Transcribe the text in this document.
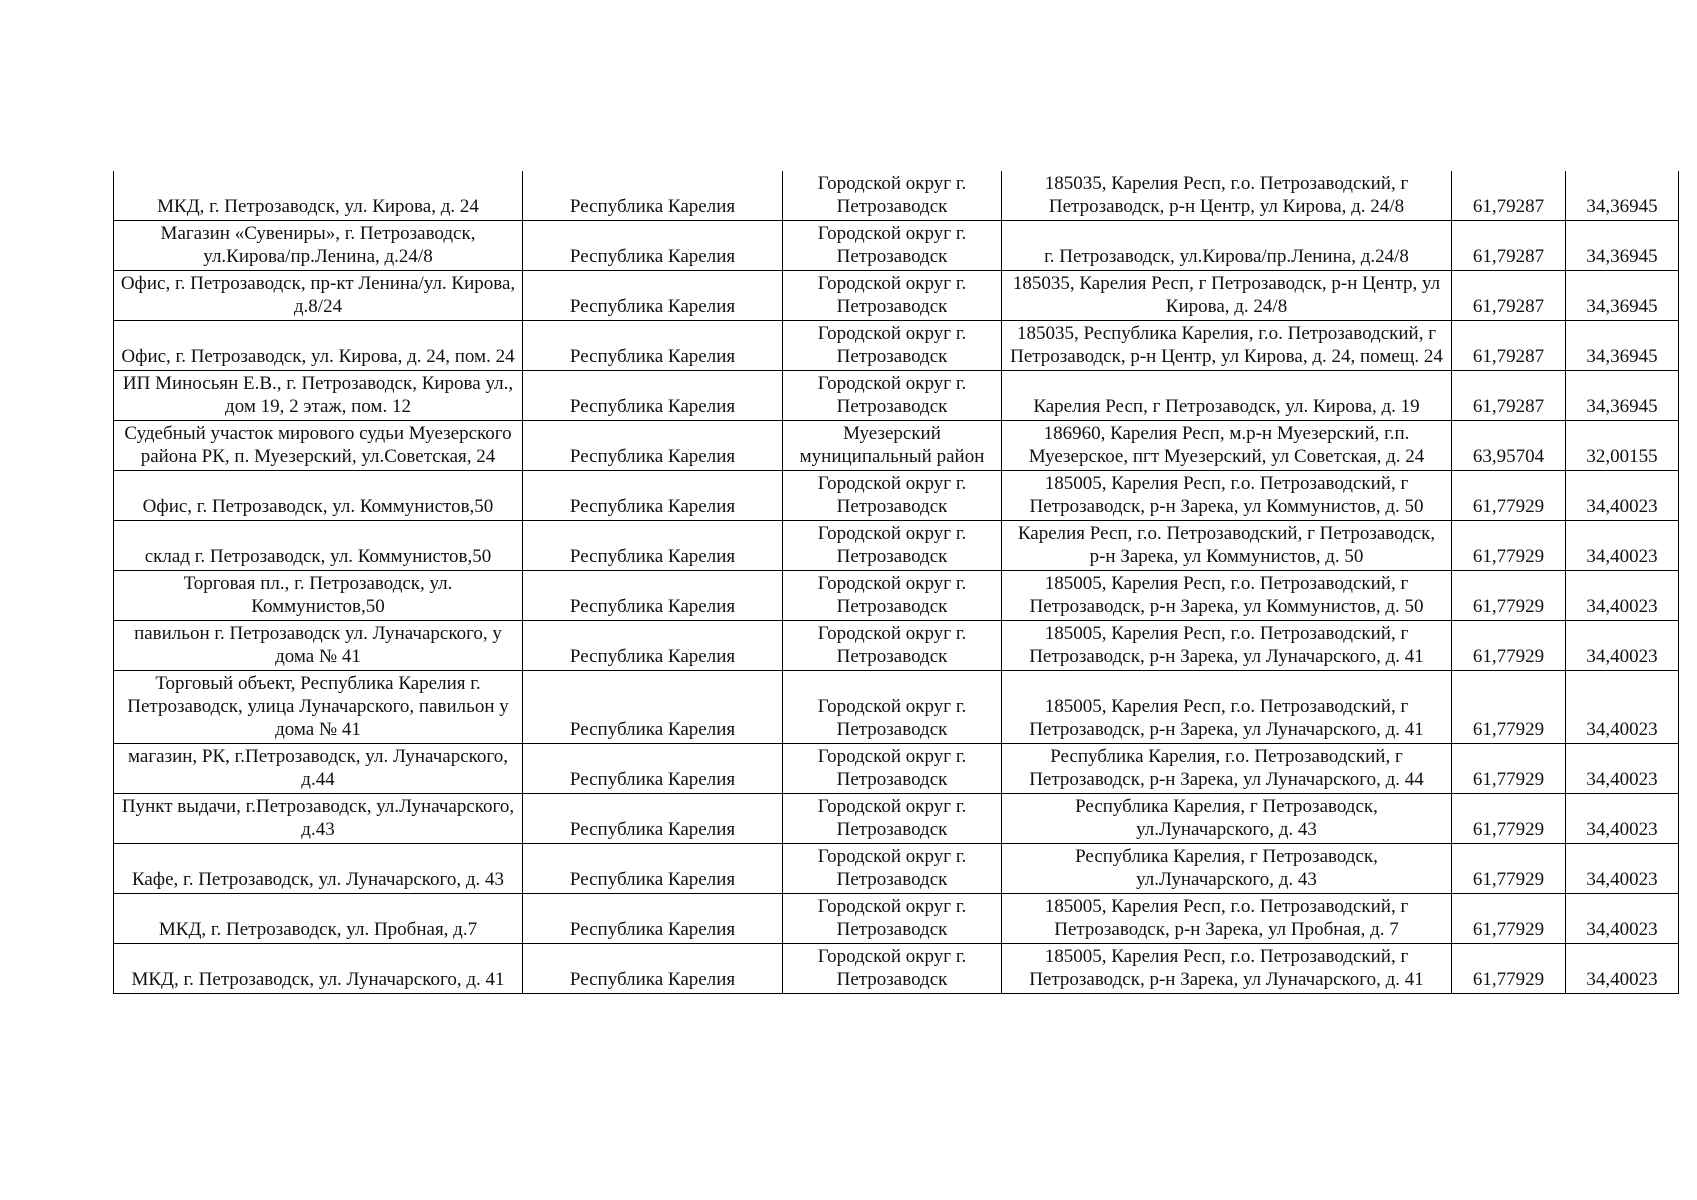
МКД, г. Петрозаводск, ул. Кирова, д. 24	Республика Карелия	Городской округ г. Петрозаводск	185035, Карелия Респ, г.о. Петрозаводский, г Петрозаводск, р-н Центр, ул Кирова, д. 24/8	61,79287	34,36945
Магазин «Сувениры», г. Петрозаводск, ул.Кирова/пр.Ленина, д.24/8	Республика Карелия	Городской округ г. Петрозаводск	г. Петрозаводск, ул.Кирова/пр.Ленина, д.24/8	61,79287	34,36945
Офис, г. Петрозаводск, пр-кт Ленина/ул. Кирова, д.8/24	Республика Карелия	Городской округ г. Петрозаводск	185035, Карелия Респ, г Петрозаводск, р-н Центр, ул Кирова, д. 24/8	61,79287	34,36945
Офис, г. Петрозаводск, ул. Кирова, д. 24, пом. 24	Республика Карелия	Городской округ г. Петрозаводск	185035, Республика Карелия, г.о. Петрозаводский, г Петрозаводск, р-н Центр, ул Кирова, д. 24, помещ. 24	61,79287	34,36945
ИП Миносьян Е.В., г. Петрозаводск, Кирова ул., дом 19, 2 этаж, пом. 12	Республика Карелия	Городской округ г. Петрозаводск	Карелия Респ, г Петрозаводск, ул. Кирова, д. 19	61,79287	34,36945
Судебный участок мирового судьи Муезерского района РК, п. Муезерский, ул.Советская, 24	Республика Карелия	Муезерский муниципальный район	186960, Карелия Респ, м.р-н Муезерский, г.п. Муезерское, пгт Муезерский, ул Советская, д. 24	63,95704	32,00155
Офис, г. Петрозаводск, ул. Коммунистов,50	Республика Карелия	Городской округ г. Петрозаводск	185005, Карелия Респ, г.о. Петрозаводский, г Петрозаводск, р-н Зарека, ул Коммунистов, д. 50	61,77929	34,40023
склад г. Петрозаводск, ул. Коммунистов,50	Республика Карелия	Городской округ г. Петрозаводск	Карелия Респ, г.о. Петрозаводский, г Петрозаводск, р-н Зарека, ул Коммунистов, д. 50	61,77929	34,40023
Торговая пл., г. Петрозаводск, ул. Коммунистов,50	Республика Карелия	Городской округ г. Петрозаводск	185005, Карелия Респ, г.о. Петрозаводский, г Петрозаводск, р-н Зарека, ул Коммунистов, д. 50	61,77929	34,40023
павильон г. Петрозаводск ул. Луначарского, у дома № 41	Республика Карелия	Городской округ г. Петрозаводск	185005, Карелия Респ, г.о. Петрозаводский, г Петрозаводск, р-н Зарека, ул Луначарского, д. 41	61,77929	34,40023
Торговый объект, Республика Карелия г. Петрозаводск, улица Луначарского, павильон у дома № 41	Республика Карелия	Городской округ г. Петрозаводск	185005, Карелия Респ, г.о. Петрозаводский, г Петрозаводск, р-н Зарека, ул Луначарского, д. 41	61,77929	34,40023
магазин, РК, г.Петрозаводск, ул. Луначарского, д.44	Республика Карелия	Городской округ г. Петрозаводск	Республика Карелия, г.о. Петрозаводский, г Петрозаводск, р-н Зарека, ул Луначарского, д. 44	61,77929	34,40023
Пункт выдачи, г.Петрозаводск, ул.Луначарского, д.43	Республика Карелия	Городской округ г. Петрозаводск	Республика Карелия, г Петрозаводск, ул.Луначарского, д. 43	61,77929	34,40023
Кафе, г. Петрозаводск, ул. Луначарского, д. 43	Республика Карелия	Городской округ г. Петрозаводск	Республика Карелия, г Петрозаводск, ул.Луначарского, д. 43	61,77929	34,40023
МКД, г. Петрозаводск, ул. Пробная, д.7	Республика Карелия	Городской округ г. Петрозаводск	185005, Карелия Респ, г.о. Петрозаводский, г Петрозаводск, р-н Зарека, ул Пробная, д. 7	61,77929	34,40023
МКД, г. Петрозаводск, ул. Луначарского, д. 41	Республика Карелия	Городской округ г. Петрозаводск	185005, Карелия Респ, г.о. Петрозаводский, г Петрозаводск, р-н Зарека, ул Луначарского, д. 41	61,77929	34,40023
